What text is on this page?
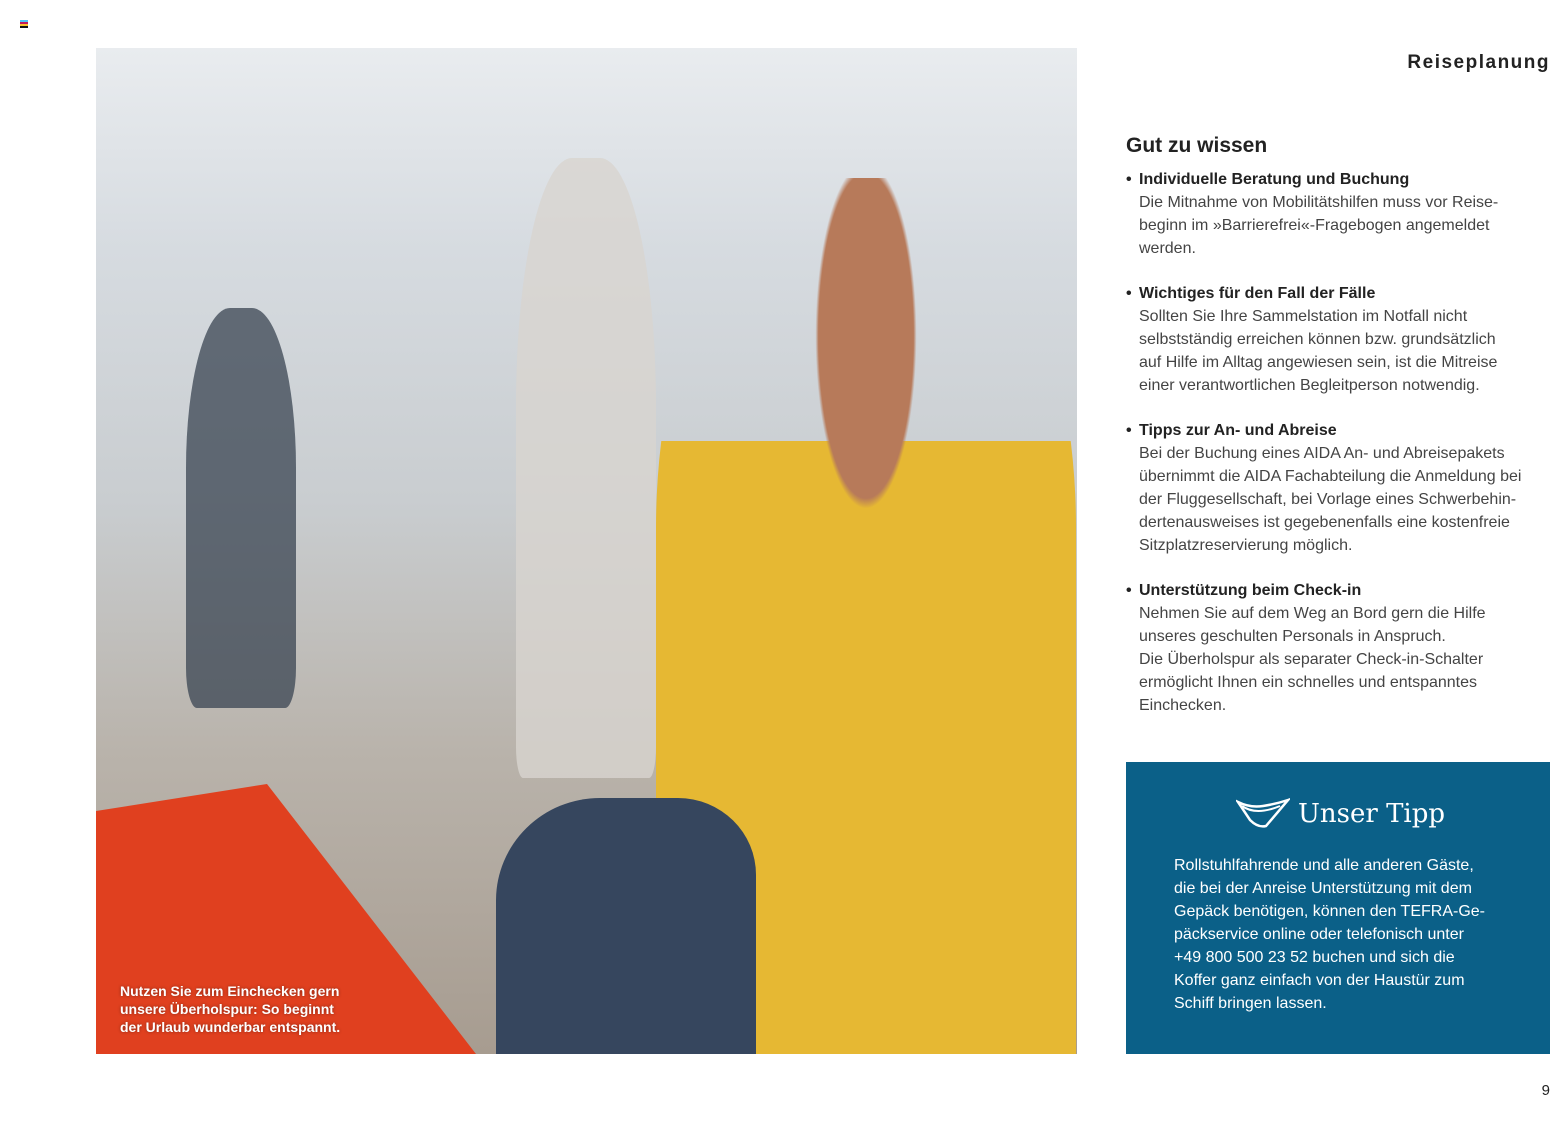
Reiseplanung
Nutzen Sie zum Einchecken gern
unsere Überholspur: So beginnt
der Urlaub wunderbar entspannt.
Gut zu wissen
• Individuelle Beratung und Buchung
Die Mitnahme von Mobilitätshilfen muss vor Reise-
beginn im »Barrierefrei«-Fragebogen angemeldet
werden.
• Wichtiges für den Fall der Fälle
Sollten Sie Ihre Sammelstation im Notfall nicht
selbstständig erreichen können bzw. grundsätzlich
auf Hilfe im Alltag angewiesen sein, ist die Mitreise
einer verantwortlichen Begleitperson notwendig.
• Tipps zur An- und Abreise
Bei der Buchung eines AIDA An- und Abreisepakets
übernimmt die AIDA Fachabteilung die Anmeldung bei
der Fluggesellschaft, bei Vorlage eines Schwerbehin-
dertenausweises ist gegebenenfalls eine kostenfreie
Sitzplatzreservierung möglich.
• Unterstützung beim Check-in
Nehmen Sie auf dem Weg an Bord gern die Hilfe
unseres geschulten Personals in Anspruch.
Die Überholspur als separater Check-in-Schalter
ermöglicht Ihnen ein schnelles und entspanntes
Einchecken.
Unser Tipp
Rollstuhlfahrende und alle anderen Gäste,
die bei der Anreise Unterstützung mit dem
Gepäck benötigen, können den TEFRA-Ge-
päckservice online oder telefonisch unter
+49 800 500 23 52 buchen und sich die
Koffer ganz einfach von der Haustür zum
Schiff bringen lassen.
9
